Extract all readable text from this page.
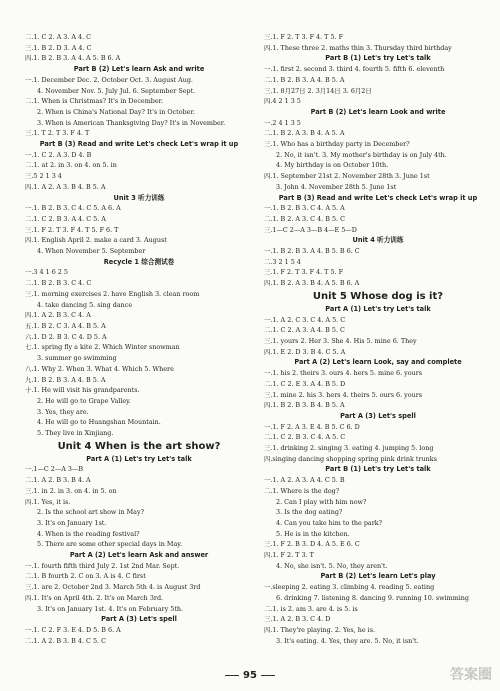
二.1. C 2. A 3. A 4. C
三.1. B 2. D 3. A 4. C
四.1. B 2. B 3. A 4. A 5. B 6. A
Part B (2) Let's learn Ask and write
一.1. December Dec. 2. October Oct. 3. August Aug.
4. November Nov. 5. July Jul. 6. September Sept.
二.1. When is Christmas? It's in December.
2. When is China's National Day? It's in October.
3. When is American Thanksgiving Day? It's in November.
三.1. T 2. T 3. F 4. T
Part B (3) Read and write Let's check Let's wrap it up
一.1. C 2. A 3. D 4. B
二.1. at 2. in 3. on 4. on 5. in
三.5 2 1 3 4
四.1. A 2. A 3. B 4. B 5. A
Unit 3 听力训练
一.1. B 2. B 3. C 4. C 5. A 6. A
二.1. C 2. B 3. A 4. C 5. A
三.1. F 2. T 3. F 4. T 5. F 6. T
四.1. English April 2. make a card 3. August
4. When November 5. September
Recycle 1 综合测试卷
一.3 4 1 6 2 5
二.1. B 2. B 3. C 4. C
三.1. morning exercises 2. have English 3. clean room
4. take dancing 5. sing dance
四.1. A 2. B 3. C 4. A
五.1. B 2. C 3. A 4. B 5. A
六.1. D 2. B 3. C 4. D 5. A
七.1. spring fly a kite 2. Which Winter snowman
3. summer go swimming
八.1. Why 2. When 3. What 4. Which 5. Where
九.1. B 2. B 3. A 4. B 5. A
十.1. He will visit his grandparents.
2. He will go to Grape Valley.
3. Yes, they are.
4. He will go to Huangshan Mountain.
5. They live in Xinjiang.
Unit 4 When is the art show?
Part A (1) Let's try Let's talk
一.1—C 2—A 3—B
二.1. A 2. B 3. B 4. A
三.1. in 2. in 3. on 4. in 5. on
四.1. Yes, it is.
2. Is the school art show in May?
3. It's on January 1st.
4. When is the reading festival?
5. There are some other special days in May.
Part A (2) Let's learn Ask and answer
一.1. fourth fifth third July 2. 1st 2nd Mar. Sept.
二.1. B fourth 2. C on 3. A is 4. C first
三.1. are 2. October 2nd 3. March 5th 4. is August 3rd
四.1. It's on April 4th. 2. It's on March 3rd.
3. It's on January 1st. 4. It's on February 5th.
Part A (3) Let's spell
一.1. C 2. F 3. E 4. D 5. B 6. A
二.1. A 2. B 3. B 4. C 5. C
三.1. F 2. T 3. F 4. T 5. F
四.1. These three 2. maths thin 3. Thursday third birthday
Part B (1) Let's try Let's talk
一.1. first 2. second 3. third 4. fourth 5. fifth 6. eleventh
二.1. B 2. B 3. A 4. B 5. A
三.1. 8月27日 2. 3月14日 3. 6月2日
四.4 2 1 3 5
Part B (2) Let's learn Look and write
一.2 4 1 3 5
二.1. B 2. A 3. B 4. A 5. A
三.1. Who has a birthday party in December?
2. No, it isn't. 3. My mother's birthday is on July 4th.
4. My birthday is on October 10th.
四.1. September 21st 2. November 28th 3. June 1st
3. John 4. November 28th 5. June 1st
Part B (3) Read and write Let's check Let's wrap it up
一.1. B 2. B 3. C 4. A 5. A
二.1. B 2. A 3. C 4. B 5. C
三.1—C 2—A 3—B 4—E 5—D
Unit 4 听力训练
一.1. B 2. B 3. A 4. B 5. B 6. C
二.3 2 1 5 4
三.1. F 2. T 3. F 4. T 5. F
四.1. B 2. A 3. B 4. A 5. B 6. A
Unit 5 Whose dog is it?
Part A (1) Let's try Let's talk
一.1. A 2. C 3. C 4. A 5. C
二.1. C 2. A 3. A 4. B 5. C
三.1. yours 2. Her 3. She 4. His 5. mine 6. They
四.1. E 2. D 3. B 4. C 5. A
Part A (2) Let's learn Look, say and complete
一.1. his 2. theirs 3. ours 4. hers 5. mine 6. yours
二.1. C 2. E 3. A 4. B 5. D
三.1. mine 2. his 3. hers 4. theirs 5. ours 6. yours
四.1. B 2. B 3. B 4. B 5. A
Part A (3) Let's spell
一.1. F 2. A 3. E 4. B 5. C 6. D
二.1. C 2. B 3. C 4. A 5. C
三.1. drinking 2. singing 3. eating 4. jumping 5. long
四.singing dancing shopping spring pink drink trunks
Part B (1) Let's try Let's talk
一.1. A 2. A 3. A 4. C 5. B
二.1. Where is the dog?
2. Can I play with him now?
3. Is the dog eating?
4. Can you take him to the park?
5. He is in the kitchen.
三.1. F 2. B 3. D 4. A 5. E 6. C
四.1. F 2. T 3. T
4. No, she isn't. 5. No, they aren't.
Part B (2) Let's learn Let's play
一.sleeping 2. eating 3. climbing 4. reading 5. eating
6. drinking 7. listening 8. dancing 9. running 10. swimming
二.1. is 2. am 3. are 4. is 5. is
三.1. A 2. B 3. C 4. D
四.1. They're playing. 2. Yes, he is.
3. It's eating. 4. Yes, they are. 5. No, it isn't.
95	答案圈
